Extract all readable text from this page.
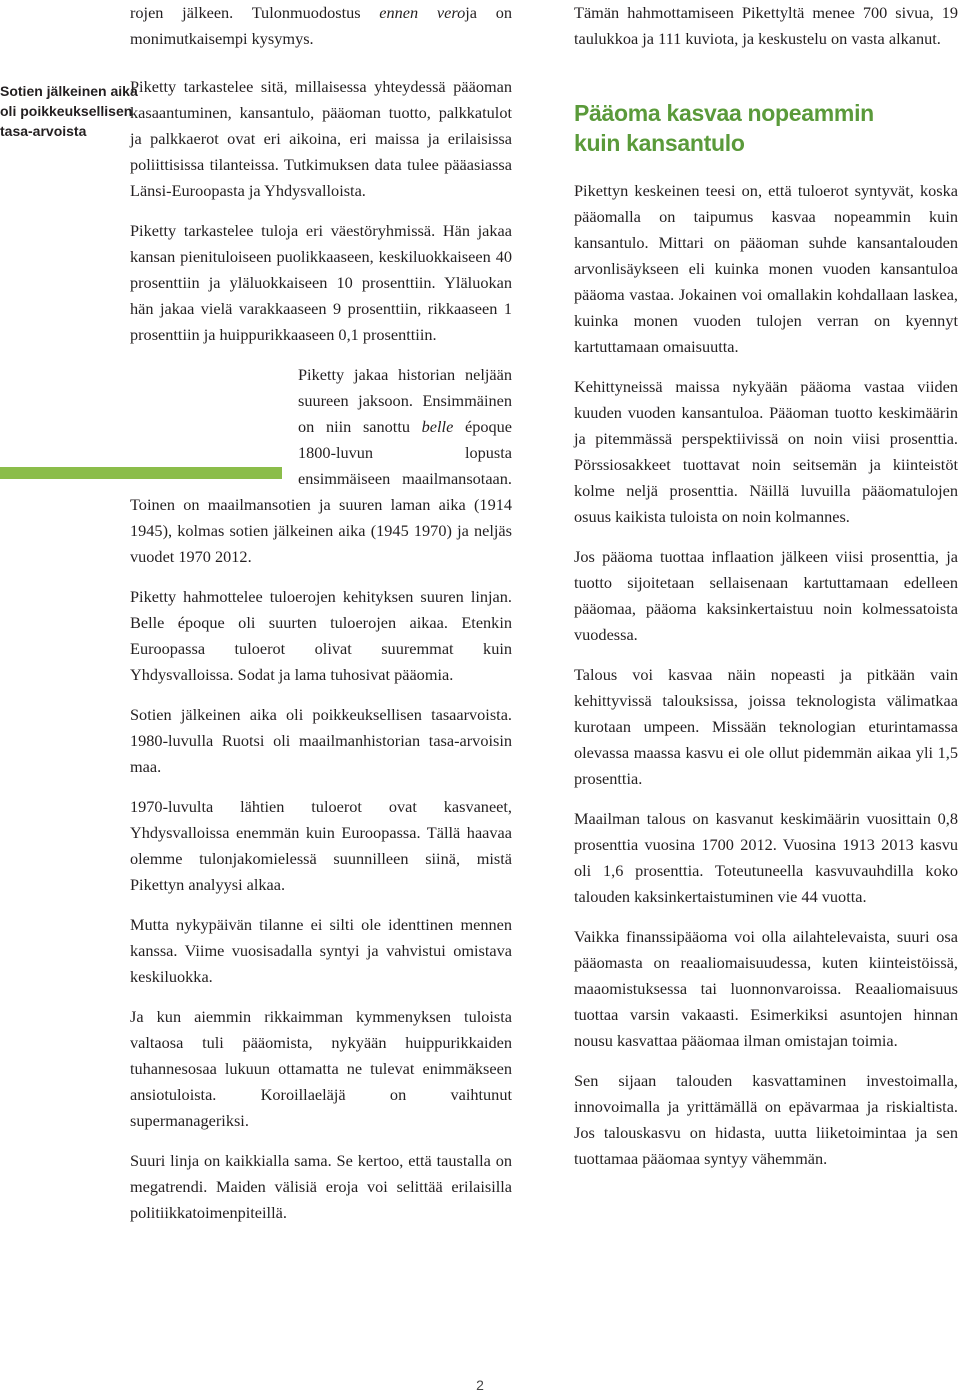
Sotien jälkeinen aika
oli poikkeuksellisen
tasa-arvoista

rojen jälkeen. Tulonmuodostus ennen veroja on monimutkaisempi kysymys.

Piketty tarkastelee sitä, millaisessa yhteydessä pääoman kasaantuminen, kansantulo, pääoman tuotto, palkkatulot ja palkkaerot ovat eri aikoina, eri maissa ja erilaisissa poliittisissa tilanteissa. Tutkimuksen data tulee pääasiassa Länsi-Euroopasta ja Yhdysvalloista.

Piketty tarkastelee tuloja eri väestöryhmissä. Hän jakaa kansan pienituloiseen puolikkaaseen, keskiluokkaiseen 40 prosenttiin ja yläluokkaiseen 10 prosenttiin. Yläluokan hän jakaa vielä varakkaaseen 9 prosenttiin, rikkaaseen 1 prosenttiin ja huippurikkaaseen 0,1 prosenttiin.

Piketty jakaa historian neljään suureen jaksoon. Ensimmäinen on niin sanottu belle époque 1800-luvun lopusta ensimmäiseen maailmansotaan. Toinen on maailmansotien ja suuren laman aika (1914 1945), kolmas sotien jälkeinen aika (1945 1970) ja neljäs vuodet 1970 2012.

Piketty hahmottelee tuloerojen kehityksen suuren linjan. Belle époque oli suurten tuloerojen aikaa. Etenkin Euroopassa tuloerot olivat suuremmat kuin Yhdysvalloissa. Sodat ja lama tuhosivat pääomia.

Sotien jälkeinen aika oli poikkeuksellisen tasaarvoista. 1980-luvulla Ruotsi oli maailmanhistorian tasa-arvoisin maa.

1970-luvulta lähtien tuloerot ovat kasvaneet, Yhdysvalloissa enemmän kuin Euroopassa. Tällä haavaa olemme tulonjakomielessä suunnilleen siinä, mistä Pikettyn analyysi alkaa.

Mutta nykypäivän tilanne ei silti ole identtinen mennen kanssa. Viime vuosisadalla syntyi ja vahvistui omistava keskiluokka.

Ja kun aiemmin rikkaimman kymmenyksen tuloista valtaosa tuli pääomista, nykyään huippurikkaiden tuhannesosaa lukuun ottamatta ne tulevat enimmäkseen ansiotuloista. Koroillaeläjä on vaihtunut supermanageriksi.

Suuri linja on kaikkialla sama. Se kertoo, että taustalla on megatrendi. Maiden välisiä eroja voi selittää erilaisilla politiikkatoimenpiteillä.

Tämän hahmottamiseen Pikettyltä menee 700 sivua, 19 taulukkoa ja 111 kuviota, ja keskustelu on vasta alkanut.

Pääoma kasvaa nopeammin
kuin kansantulo

Pikettyn keskeinen teesi on, että tuloerot syntyvät, koska pääomalla on taipumus kasvaa nopeammin kuin kansantulo. Mittari on pääoman suhde kansantalouden arvonlisäykseen eli kuinka monen vuoden kansantuloa pääoma vastaa. Jokainen voi omallakin kohdallaan laskea, kuinka monen vuoden tulojen verran on kyennyt kartuttamaan omaisuutta.

Kehittyneissä maissa nykyään pääoma vastaa viiden kuuden vuoden kansantuloa. Pääoman tuotto keskimäärin ja pitemmässä perspektiivissä on noin viisi prosenttia. Pörssiosakkeet tuottavat noin seitsemän ja kiinteistöt kolme neljä prosenttia. Näillä luvuilla pääomatulojen osuus kaikista tuloista on noin kolmannes.

Jos pääoma tuottaa inflaation jälkeen viisi prosenttia, ja tuotto sijoitetaan sellaisenaan kartuttamaan edelleen pääomaa, pääoma kaksinkertaistuu noin kolmessatoista vuodessa.

Talous voi kasvaa näin nopeasti ja pitkään vain kehittyvissä talouksissa, joissa teknologista välimatkaa kurotaan umpeen. Missään teknologian eturintamassa olevassa maassa kasvu ei ole ollut pidemmän aikaa yli 1,5 prosenttia.

Maailman talous on kasvanut keskimäärin vuosittain 0,8 prosenttia vuosina 1700 2012. Vuosina 1913 2013 kasvu oli 1,6 prosenttia. Toteutuneella kasvuvauhdilla koko talouden kaksinkertaistuminen vie 44 vuotta.

Vaikka finanssipääoma voi olla ailahtelevaista, suuri osa pääomasta on reaaliomaisuudessa, kuten kiinteistöissä, maaomistuksessa tai luonnonvaroissa. Reaaliomaisuus tuottaa varsin vakaasti. Esimerkiksi asuntojen hinnan nousu kasvattaa pääomaa ilman omistajan toimia.

Sen sijaan talouden kasvattaminen investoimalla, innovoimalla ja yrittämällä on epävarmaa ja riskialtista. Jos talouskasvu on hidasta, uutta liiketoimintaa ja sen tuottamaa pääomaa syntyy vähemmän.

2
